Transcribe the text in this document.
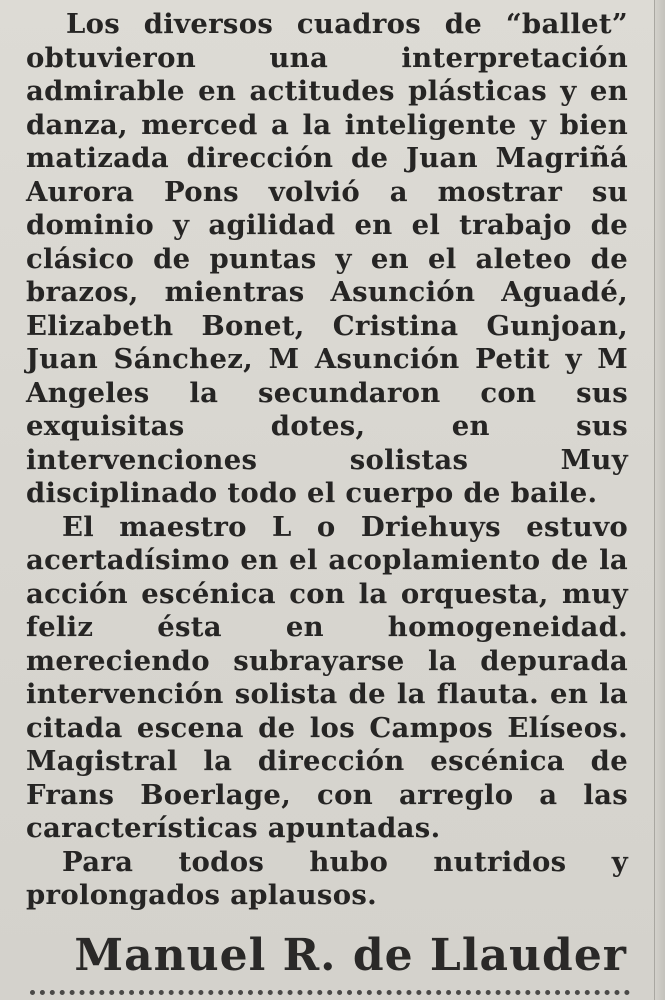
Los diversos cuadros de “ballet” obtuvieron una interpretación admirable en actitudes plásticas y en danza, merced a la inteligente y bien matizada dirección de Juan Magriñá Aurora Pons volvió a mostrar su dominio y agilidad en el trabajo de clásico de puntas y en el aleteo de brazos, mientras Asunción Aguadé, Elizabeth Bonet, Cristina Gunjoan, Juan Sánchez, M Asunción Petit y M Angeles la secundaron con sus exquisitas dotes, en sus intervenciones solistas Muy disciplinado todo el cuerpo de baile.

El maestro L o Driehuys estuvo acertadísimo en el acoplamiento de la acción escénica con la orquesta, muy feliz ésta en homogeneidad. mereciendo subrayarse la depurada intervención solista de la flauta. en la citada escena de los Campos Elíseos. Magistral la dirección escénica de Frans Boerlage, con arreglo a las características apuntadas.

Para todos hubo nutridos y prolongados aplausos.

Manuel R. de Llauder
